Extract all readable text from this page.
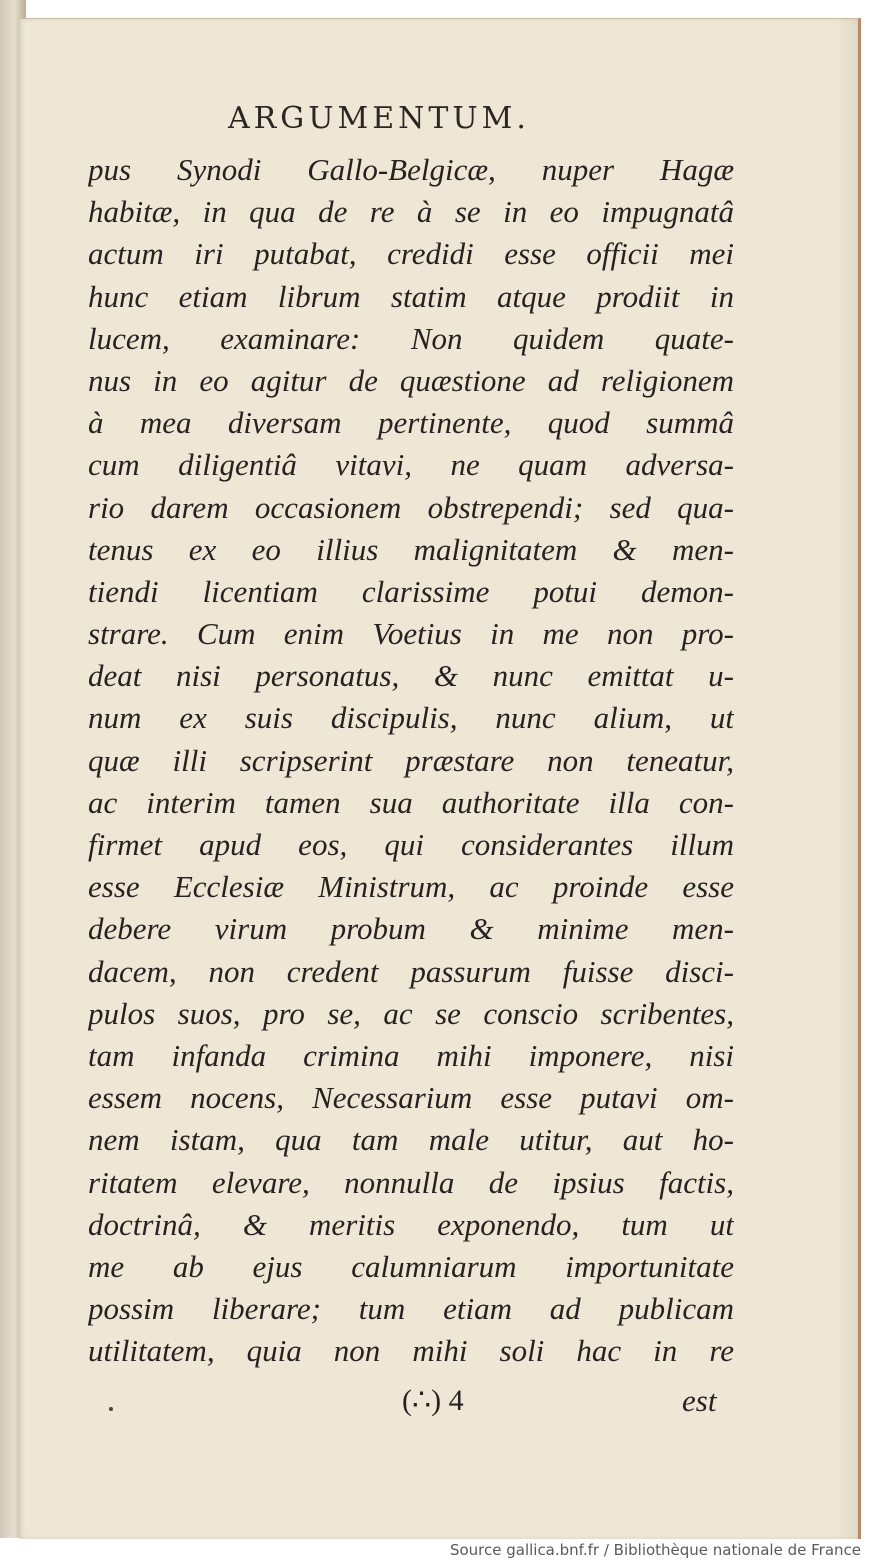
ARGUMENTUM.
pus Synodi Gallo-Belgicæ, nuper Hagæ
habitæ, in qua de re à se in eo impugnatâ
actum iri putabat, credidi esse officii mei
hunc etiam librum statim atque prodiit in
lucem, examinare: Non quidem quate-
nus in eo agitur de quæstione ad religionem
à mea diversam pertinente, quod summâ
cum diligentiâ vitavi, ne quam adversa-
rio darem occasionem obstrependi; sed qua-
tenus ex eo illius malignitatem & men-
tiendi licentiam clarissime potui demon-
strare. Cum enim Voetius in me non pro-
deat nisi personatus, & nunc emittat u-
num ex suis discipulis, nunc alium, ut
quæ illi scripserint præstare non teneatur,
ac interim tamen sua authoritate illa con-
firmet apud eos, qui considerantes illum
esse Ecclesiæ Ministrum, ac proinde esse
debere virum probum & minime men-
dacem, non credent passurum fuisse disci-
pulos suos, pro se, ac se conscio scribentes,
tam infanda crimina mihi imponere, nisi
essem nocens, Necessarium esse putavi om-
nem istam, qua tam male utitur, aut ho-
ritatem elevare, nonnulla de ipsius factis,
doctrinâ, & meritis exponendo, tum ut
me ab ejus calumniarum importunitate
possim liberare; tum etiam ad publicam
utilitatem, quia non mihi soli hac in re
(∴) 4	est
Source gallica.bnf.fr / Bibliothèque nationale de France
